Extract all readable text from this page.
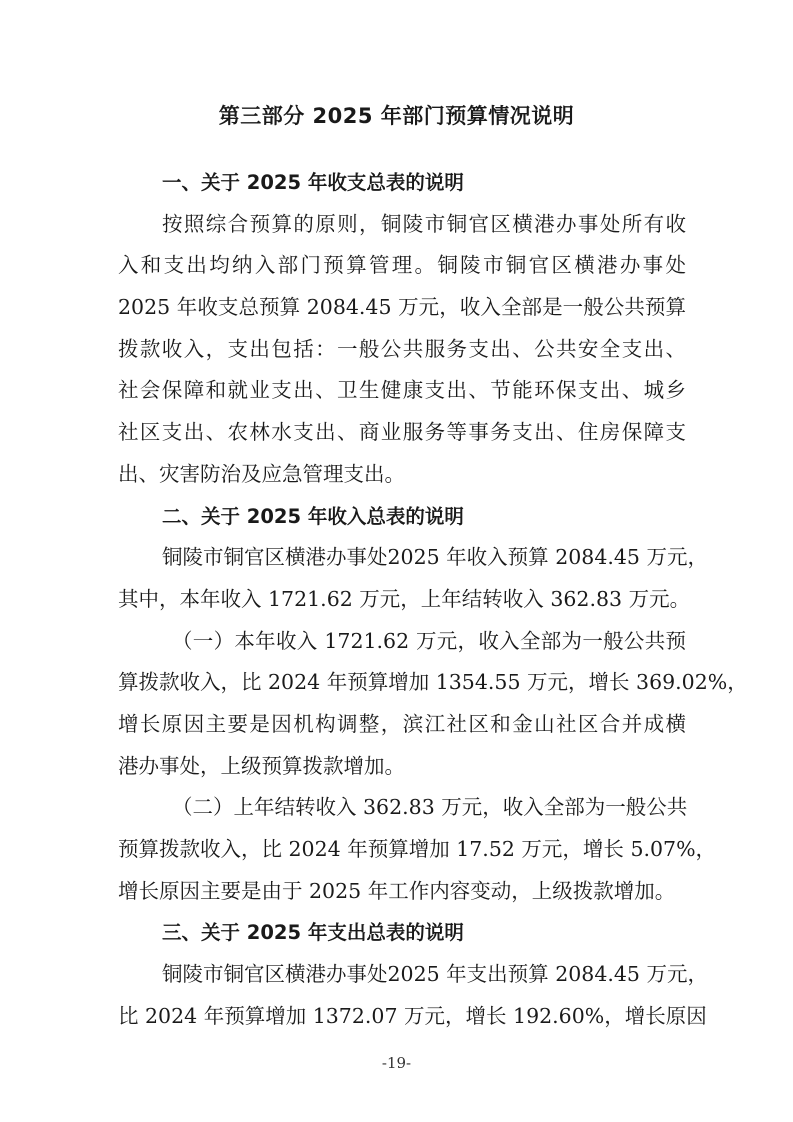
第三部分 2025 年部门预算情况说明
一、关于 2025 年收支总表的说明
按照综合预算的原则，铜陵市铜官区横港办事处所有收
入和支出均纳入部门预算管理。铜陵市铜官区横港办事处
2025 年收支总预算 2084.45 万元，收入全部是一般公共预算
拨款收入，支出包括：一般公共服务支出、公共安全支出、
社会保障和就业支出、卫生健康支出、节能环保支出、城乡
社区支出、农林水支出、商业服务等事务支出、住房保障支
出、灾害防治及应急管理支出。
二、关于 2025 年收入总表的说明
铜陵市铜官区横港办事处2025 年收入预算 2084.45 万元，
其中，本年收入 1721.62 万元，上年结转收入 362.83 万元。
（一）本年收入 1721.62 万元，收入全部为一般公共预
算拨款收入，比 2024 年预算增加 1354.55 万元，增长 369.02%，
增长原因主要是因机构调整，滨江社区和金山社区合并成横
港办事处，上级预算拨款增加。
（二）上年结转收入 362.83 万元，收入全部为一般公共
预算拨款收入，比 2024 年预算增加 17.52 万元，增长 5.07%，
增长原因主要是由于 2025 年工作内容变动，上级拨款增加。
三、关于 2025 年支出总表的说明
铜陵市铜官区横港办事处2025 年支出预算 2084.45 万元，
比 2024 年预算增加 1372.07 万元，增长 192.60%，增长原因
-19-
